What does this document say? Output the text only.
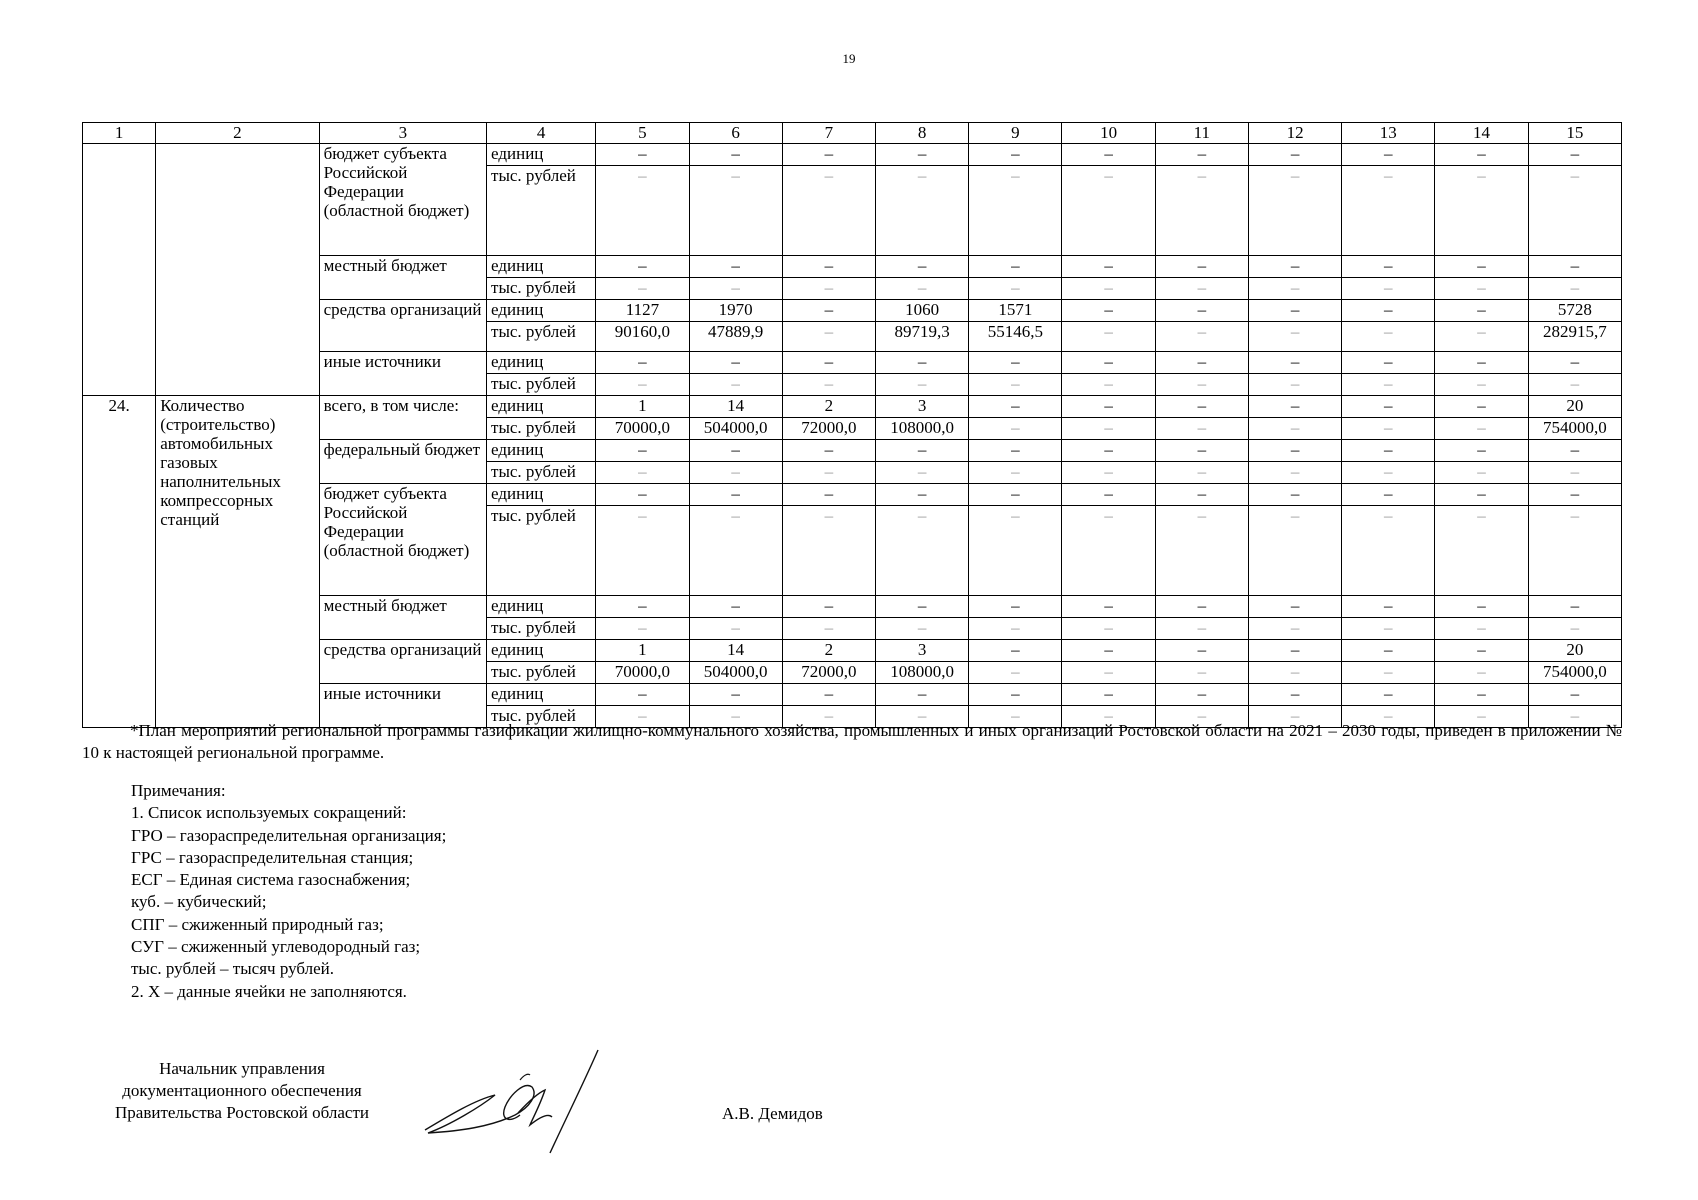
19
1	2	3	4	5	6	7	8	9	10	11	12	13	14	15
		бюджет субъекта Российской Федерации (областной бюджет)	единиц	–	–	–	–	–	–	–	–	–	–	–
			тыс. рублей	–	–	–	–	–	–	–	–	–	–	–
		местный бюджет	единиц	–	–	–	–	–	–	–	–	–	–	–
			тыс. рублей	–	–	–	–	–	–	–	–	–	–	–
		средства организаций	единиц	1127	1970	–	1060	1571	–	–	–	–	–	5728
			тыс. рублей	90160,0	47889,9	–	89719,3	55146,5	–	–	–	–	–	282915,7
		иные источники	единиц	–	–	–	–	–	–	–	–	–	–	–
			тыс. рублей	–	–	–	–	–	–	–	–	–	–	–
24.	Количество (строительство) автомобильных газовых наполнительных компрессорных станций	всего, в том числе:	единиц	1	14	2	3	–	–	–	–	–	–	20
			тыс. рублей	70000,0	504000,0	72000,0	108000,0	–	–	–	–	–	–	754000,0
		федеральный бюджет	единиц	–	–	–	–	–	–	–	–	–	–	–
			тыс. рублей	–	–	–	–	–	–	–	–	–	–	–
		бюджет субъекта Российской Федерации (областной бюджет)	единиц	–	–	–	–	–	–	–	–	–	–	–
			тыс. рублей	–	–	–	–	–	–	–	–	–	–	–
		местный бюджет	единиц	–	–	–	–	–	–	–	–	–	–	–
			тыс. рублей	–	–	–	–	–	–	–	–	–	–	–
		средства организаций	единиц	1	14	2	3	–	–	–	–	–	–	20
			тыс. рублей	70000,0	504000,0	72000,0	108000,0	–	–	–	–	–	–	754000,0
		иные источники	единиц	–	–	–	–	–	–	–	–	–	–	–
			тыс. рублей	–	–	–	–	–	–	–	–	–	–	–
*План мероприятий региональной программы газификации жилищно-коммунального хозяйства, промышленных и иных организаций Ростовской области на 2021 – 2030 годы, приведен в приложении № 10 к настоящей региональной программе.
Примечания:
1. Список используемых сокращений:
ГРО – газораспределительная организация;
ГРС – газораспределительная станция;
ЕСГ – Единая система газоснабжения;
куб. – кубический;
СПГ – сжиженный природный газ;
СУГ – сжиженный углеводородный газ;
тыс. рублей – тысяч рублей.
2. Х – данные ячейки не заполняются.
Начальник управления
документационного обеспечения
Правительства Ростовской области	А.В. Демидов
